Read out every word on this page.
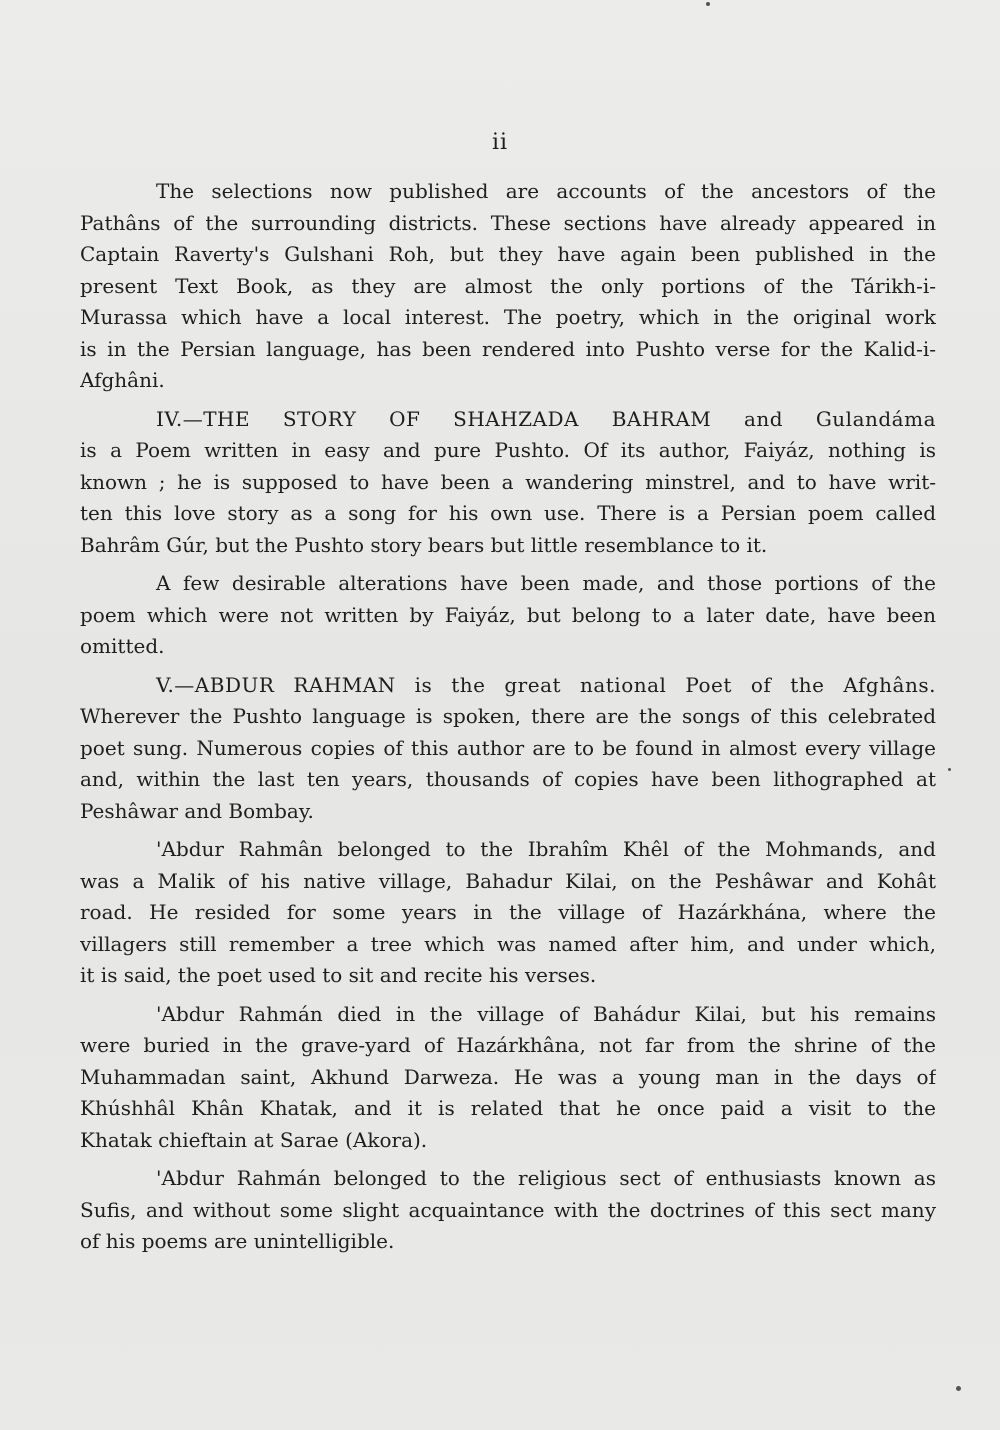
ii

The selections now published are accounts of the ancestors of the
Pathâns of the surrounding districts. These sections have already appeared in
Captain Raverty's Gulshani Roh, but they have again been published in the
present Text Book, as they are almost the only portions of the Tárikh-i-
Murassa which have a local interest. The poetry, which in the original work
is in the Persian language, has been rendered into Pushto verse for the Kalid-i-
Afghâni.

IV.—THE STORY OF SHAHZADA BAHRAM and Gulandáma
is a Poem written in easy and pure Pushto. Of its author, Faiyáz, nothing is
known ; he is supposed to have been a wandering minstrel, and to have writ-
ten this love story as a song for his own use. There is a Persian poem called
Bahrâm Gúr, but the Pushto story bears but little resemblance to it.

A few desirable alterations have been made, and those portions of the
poem which were not written by Faiyáz, but belong to a later date, have been
omitted.

V.—ABDUR RAHMAN is the great national Poet of the Afghâns.
Wherever the Pushto language is spoken, there are the songs of this celebrated
poet sung. Numerous copies of this author are to be found in almost every village
and, within the last ten years, thousands of copies have been lithographed at
Peshâwar and Bombay.

'Abdur Rahmân belonged to the Ibrahîm Khêl of the Mohmands, and
was a Malik of his native village, Bahadur Kilai, on the Peshâwar and Kohât
road. He resided for some years in the village of Hazárkhána, where the
villagers still remember a tree which was named after him, and under which,
it is said, the poet used to sit and recite his verses.

'Abdur Rahmán died in the village of Bahádur Kilai, but his remains
were buried in the grave-yard of Hazárkhâna, not far from the shrine of the
Muhammadan saint, Akhund Darweza. He was a young man in the days of
Khúshhâl Khân Khatak, and it is related that he once paid a visit to the
Khatak chieftain at Sarae (Akora).

'Abdur Rahmán belonged to the religious sect of enthusiasts known as
Sufis, and without some slight acquaintance with the doctrines of this sect many
of his poems are unintelligible.
